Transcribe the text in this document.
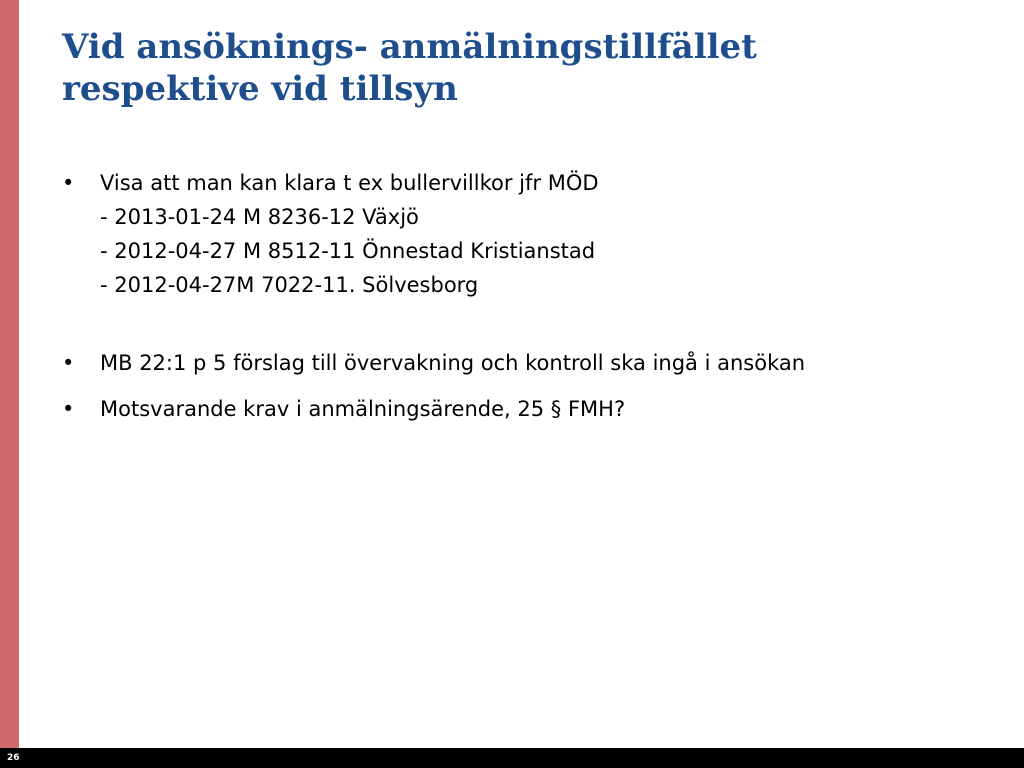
Vid ansöknings- anmälningstillfället
respektive vid tillsyn
•	Visa att man kan klara t ex bullervillkor jfr MÖD
- 2013-01-24 M 8236-12 Växjö
- 2012-04-27 M 8512-11 Önnestad Kristianstad
- 2012-04-27M 7022-11. Sölvesborg
•	MB 22:1 p 5 förslag till övervakning och kontroll ska ingå i ansökan
•	Motsvarande krav i anmälningsärende, 25 § FMH?
26
